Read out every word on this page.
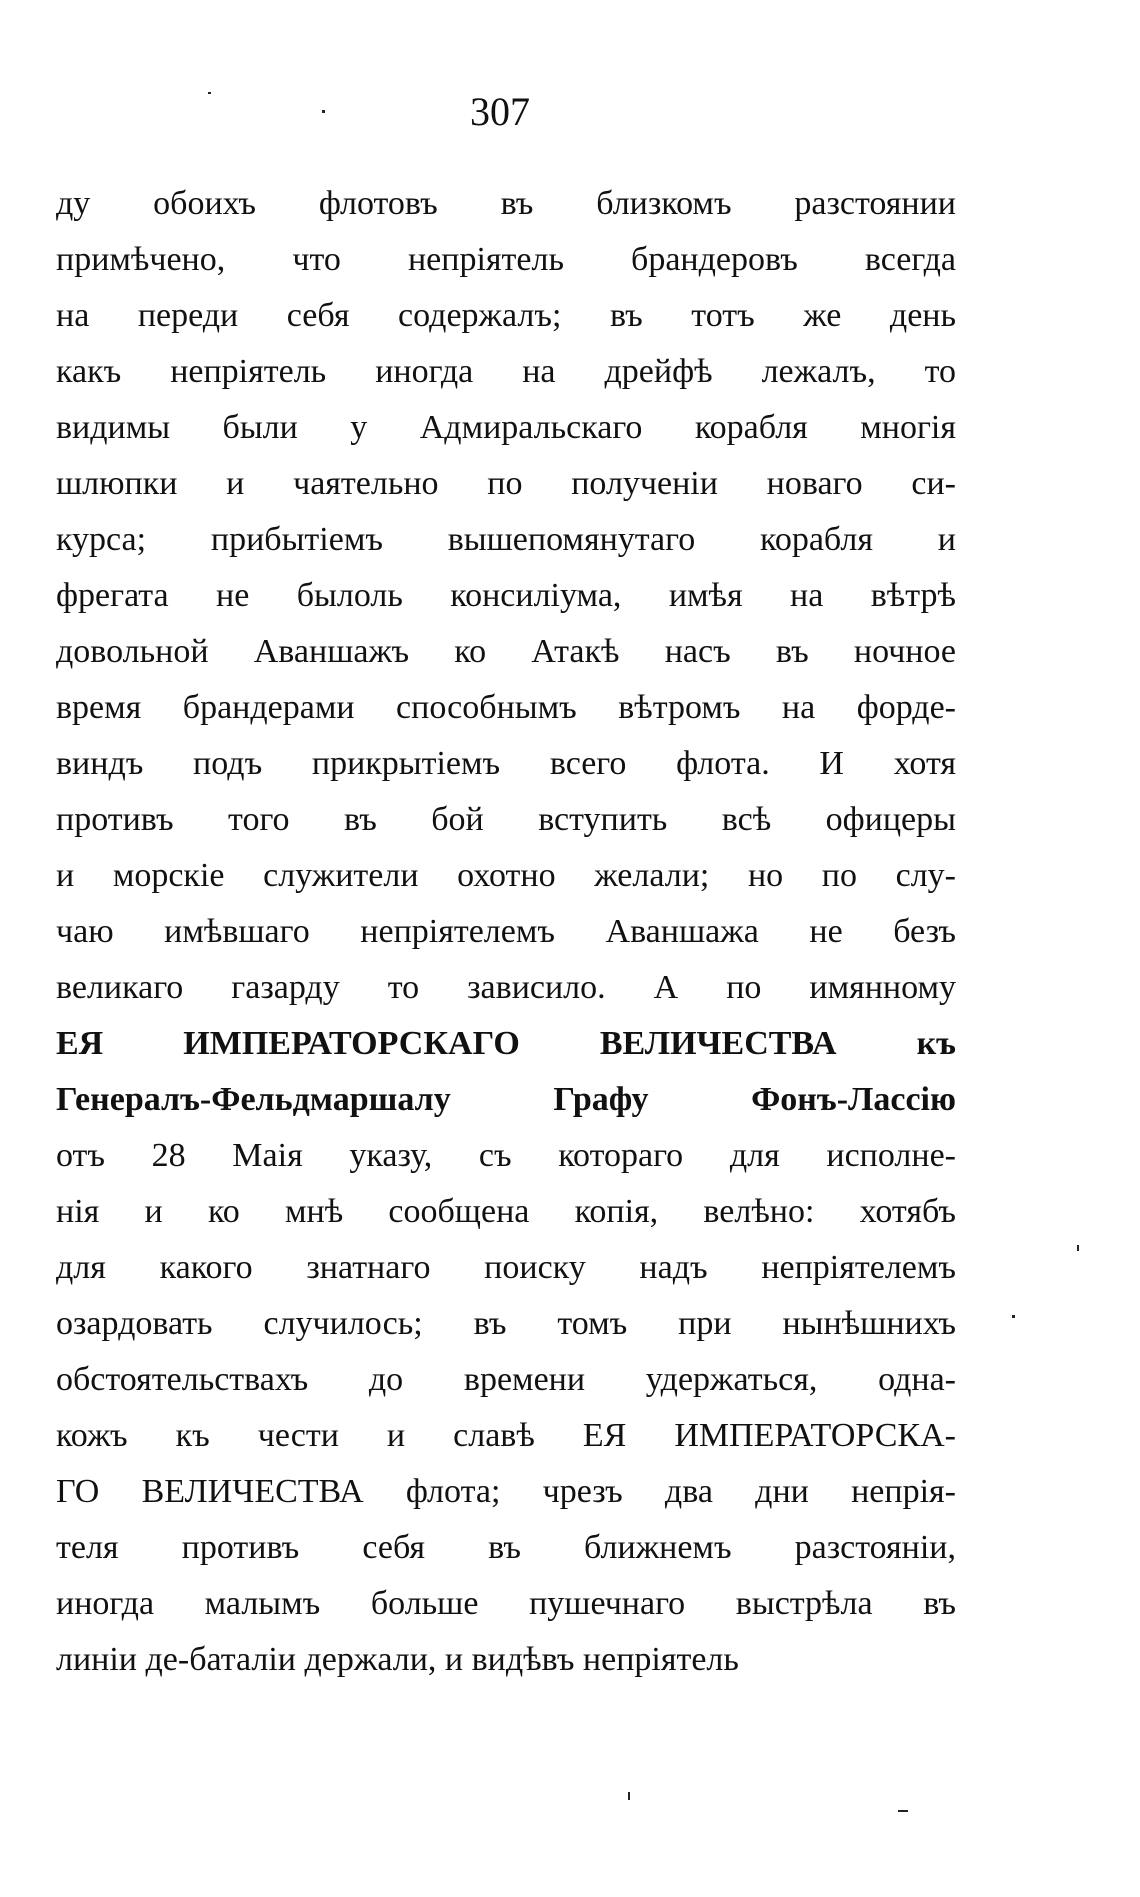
307
ду обоихъ флотовъ въ близкомъ разстоянии
примѣчено, что непріятель брандеровъ всегда
на переди себя содержалъ; въ тотъ же день
какъ непріятель иногда на дрейфѣ лежалъ, то
видимы были у Адмиральскаго корабля многія
шлюпки и чаятельно по полученіи новаго си-
курса; прибытіемъ вышепомянутаго корабля и
фрегата не былоль консиліума, имѣя на вѣтрѣ
довольной Аваншажъ ко Атакѣ насъ въ ночное
время брандерами способнымъ вѣтромъ на форде-
виндъ подъ прикрытіемъ всего флота. И хотя
противъ того въ бой вступить всѣ офицеры
и морскіе служители охотно желали; но по слу-
чаю имѣвшаго непріятелемъ Аваншажа не безъ
великаго газарду то зависило. А по имянному
ЕЯ ИМПЕРАТОРСКАГО ВЕЛИЧЕСТВА къ
Генералъ-Фельдмаршалу Графу Фонъ-Лассію
отъ 28 Маія указу, съ котораго для исполне-
нія и ко мнѣ сообщена копія, велѣно: хотябъ
для какого знатнаго поиску надъ непріятелемъ
озардовать случилось; въ томъ при нынѣшнихъ
обстоятельствахъ до времени удержаться, одна-
кожъ къ чести и славѣ ЕЯ ИМПЕРАТОРСКА-
ГО ВЕЛИЧЕСТВА флота; чрезъ два дни непрія-
теля противъ себя въ ближнемъ разстояніи,
иногда малымъ больше пушечнаго выстрѣла въ
линіи де-баталіи держали, и видѣвъ непріятель
